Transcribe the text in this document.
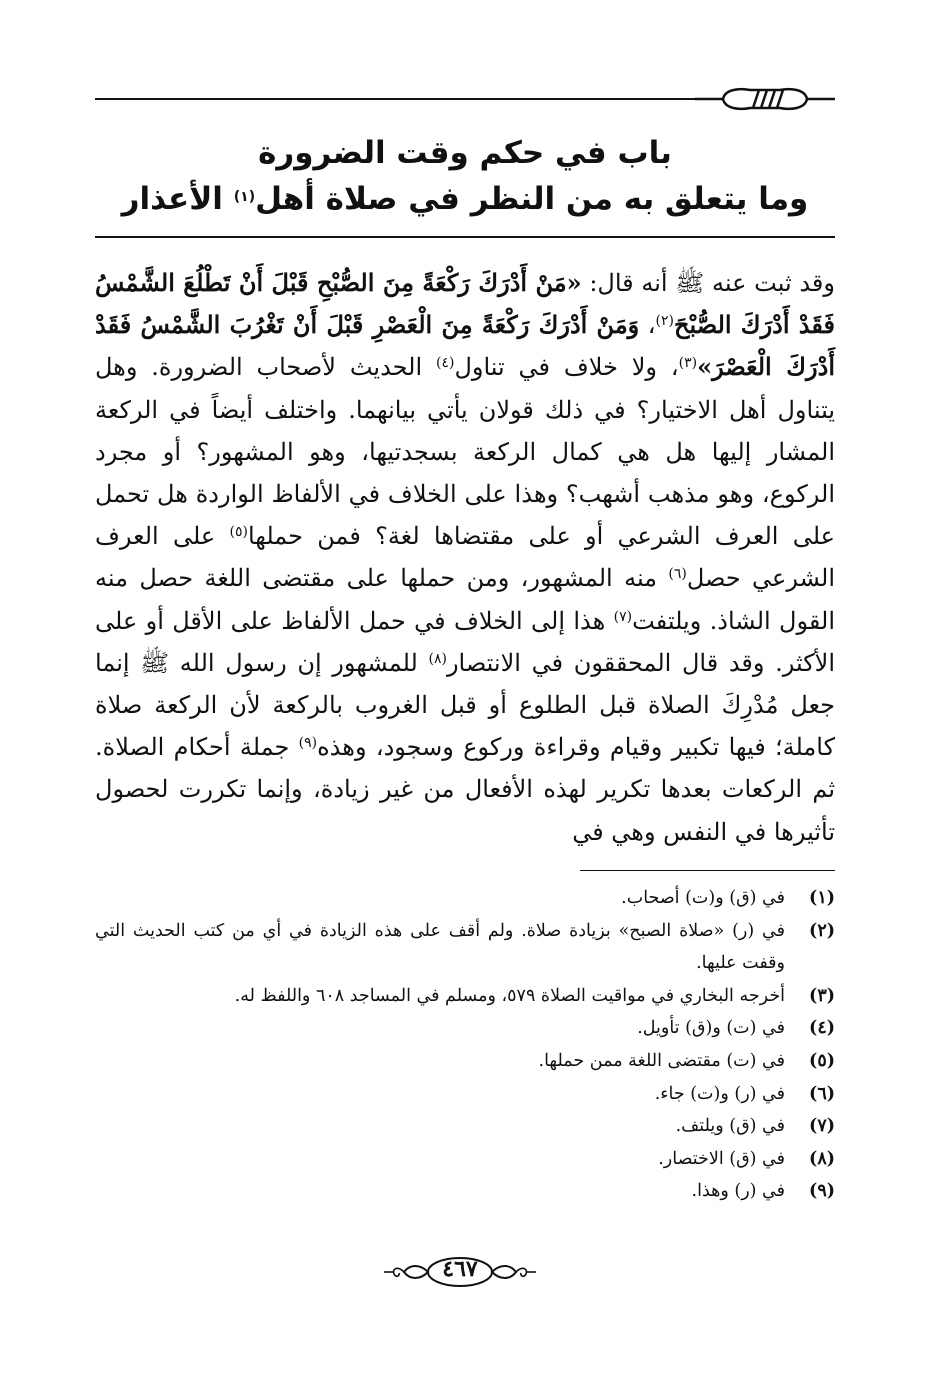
باب في حكم وقت الضرورة
وما يتعلق به من النظر في صلاة أهل$^{(١)}$ الأعذار

وقد ثبت عنه ﷺ أنه قال: «مَنْ أَدْرَكَ رَكْعَةً مِنَ الصُّبْحِ قَبْلَ أَنْ تَطْلُعَ الشَّمْسُ فَقَدْ أَدْرَكَ الصُّبْحَ$^{(٢)}$، وَمَنْ أَدْرَكَ رَكْعَةً مِنَ الْعَصْرِ قَبْلَ أَنْ تَغْرُبَ الشَّمْسُ فَقَدْ أَدْرَكَ الْعَصْرَ»$^{(٣)}$، ولا خلاف في تناول$^{(٤)}$ الحديث لأصحاب الضرورة. وهل يتناول أهل الاختيار؟ في ذلك قولان يأتي بيانهما. واختلف أيضاً في الركعة المشار إليها هل هي كمال الركعة بسجدتيها، وهو المشهور؟ أو مجرد الركوع، وهو مذهب أشهب؟ وهذا على الخلاف في الألفاظ الواردة هل تحمل على العرف الشرعي أو على مقتضاها لغة؟ فمن حملها$^{(٥)}$ على العرف الشرعي حصل$^{(٦)}$ منه المشهور، ومن حملها على مقتضى اللغة حصل منه القول الشاذ. ويلتفت$^{(٧)}$ هذا إلى الخلاف في حمل الألفاظ على الأقل أو على الأكثر. وقد قال المحققون في الانتصار$^{(٨)}$ للمشهور إن رسول الله ﷺ إنما جعل مُدْرِكَ الصلاة قبل الطلوع أو قبل الغروب بالركعة لأن الركعة صلاة كاملة؛ فيها تكبير وقيام وقراءة وركوع وسجود، وهذه$^{(٩)}$ جملة أحكام الصلاة. ثم الركعات بعدها تكرير لهذه الأفعال من غير زيادة، وإنما تكررت لحصول تأثيرها في النفس وهي في

(١)
في (ق) و(ت) أصحاب.
(٢)
في (ر) «صلاة الصبح» بزيادة صلاة. ولم أقف على هذه الزيادة في أي من كتب الحديث التي وقفت عليها.
(٣)
أخرجه البخاري في مواقيت الصلاة ٥٧٩، ومسلم في المساجد ٦٠٨ واللفظ له.
(٤)
في (ت) و(ق) تأويل.
(٥)
في (ت) مقتضى اللغة ممن حملها.
(٦)
في (ر) و(ت) جاء.
(٧)
في (ق) ويلتف.
(٨)
في (ق) الاختصار.
(٩)
في (ر) وهذا.
٤٦٧
